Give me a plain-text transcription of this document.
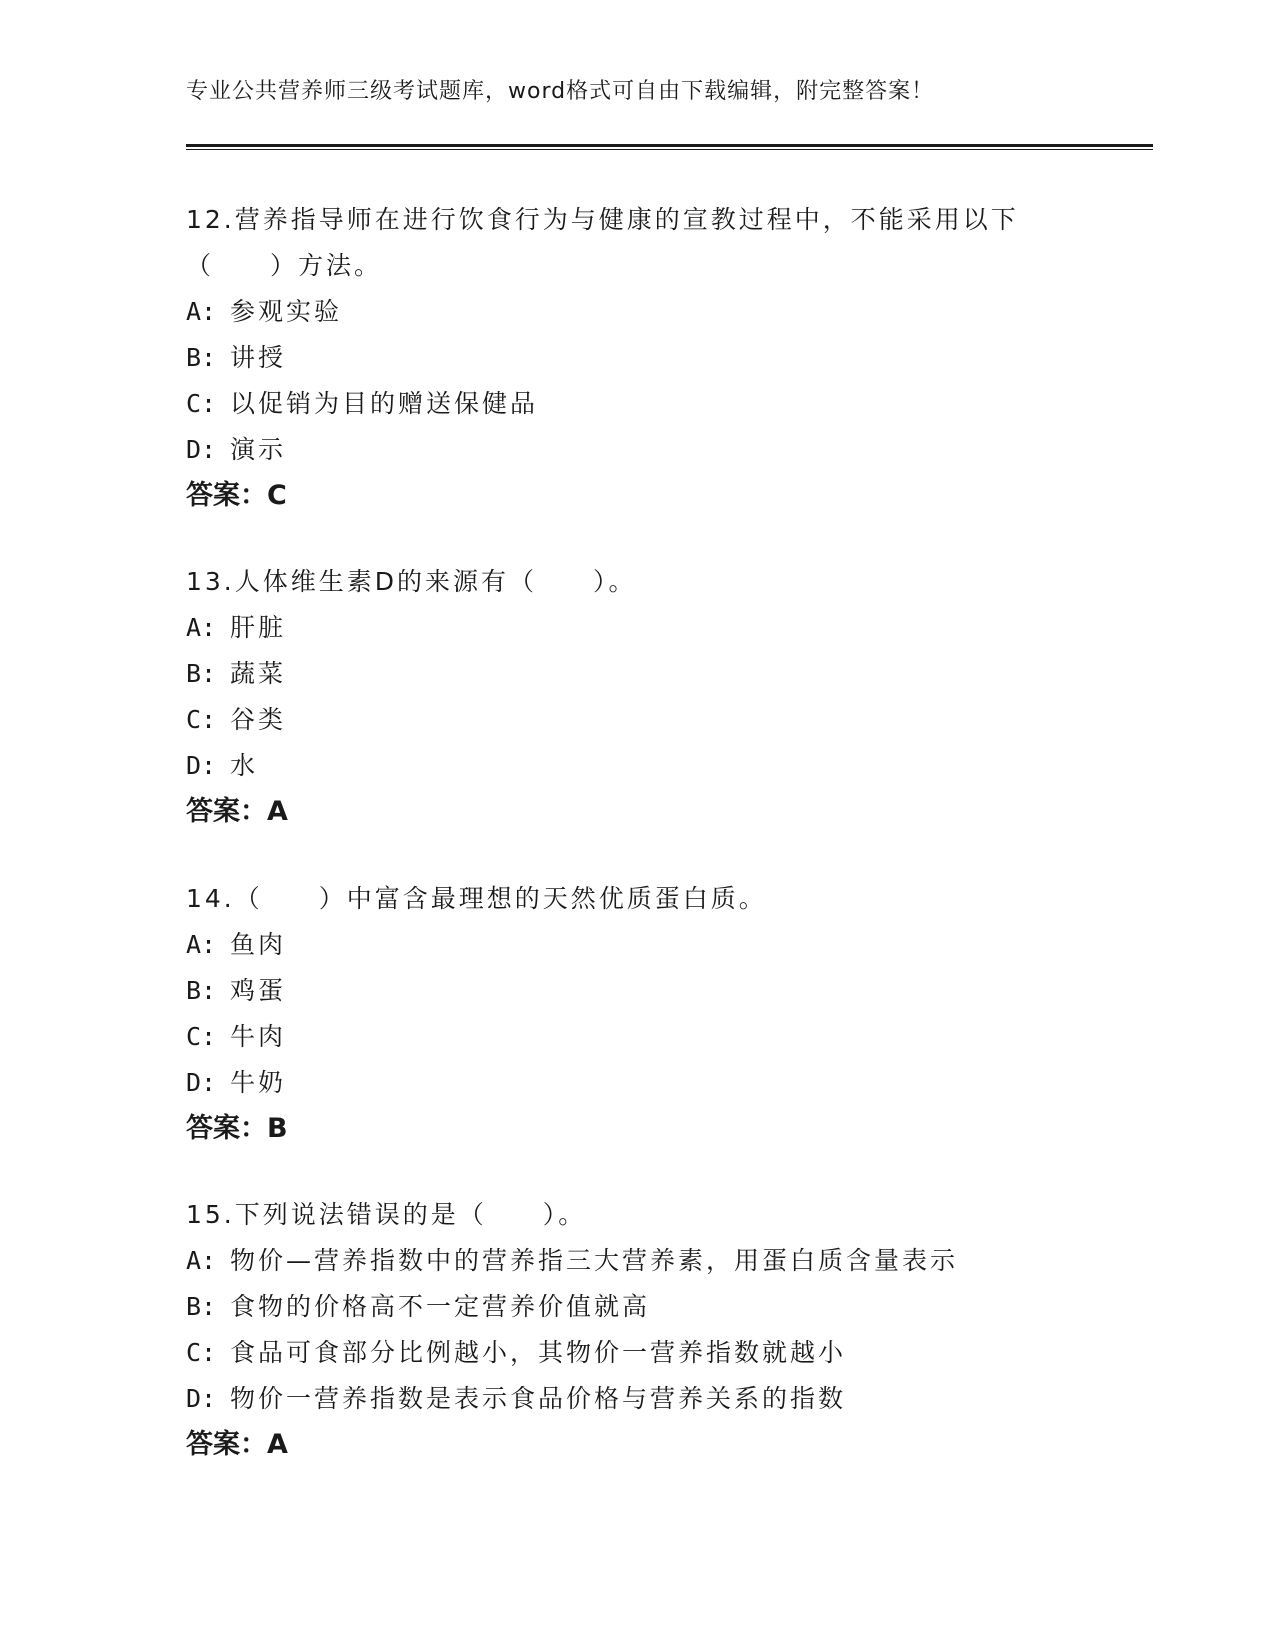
专业公共营养师三级考试题库，word格式可自由下载编辑，附完整答案！

12.营养指导师在进行饮食行为与健康的宣教过程中，不能采用以下（　　）方法。

A: 参观实验
B: 讲授
C: 以促销为目的赠送保健品
D: 演示
答案：C

13.人体维生素D的来源有（　　）。

A: 肝脏
B: 蔬菜
C: 谷类
D: 水
答案：A

14.（　　）中富含最理想的天然优质蛋白质。

A: 鱼肉
B: 鸡蛋
C: 牛肉
D: 牛奶
答案：B

15.下列说法错误的是（　　）。

A: 物价—营养指数中的营养指三大营养素，用蛋白质含量表示
B: 食物的价格高不一定营养价值就高
C: 食品可食部分比例越小，其物价一营养指数就越小
D: 物价一营养指数是表示食品价格与营养关系的指数
答案：A
